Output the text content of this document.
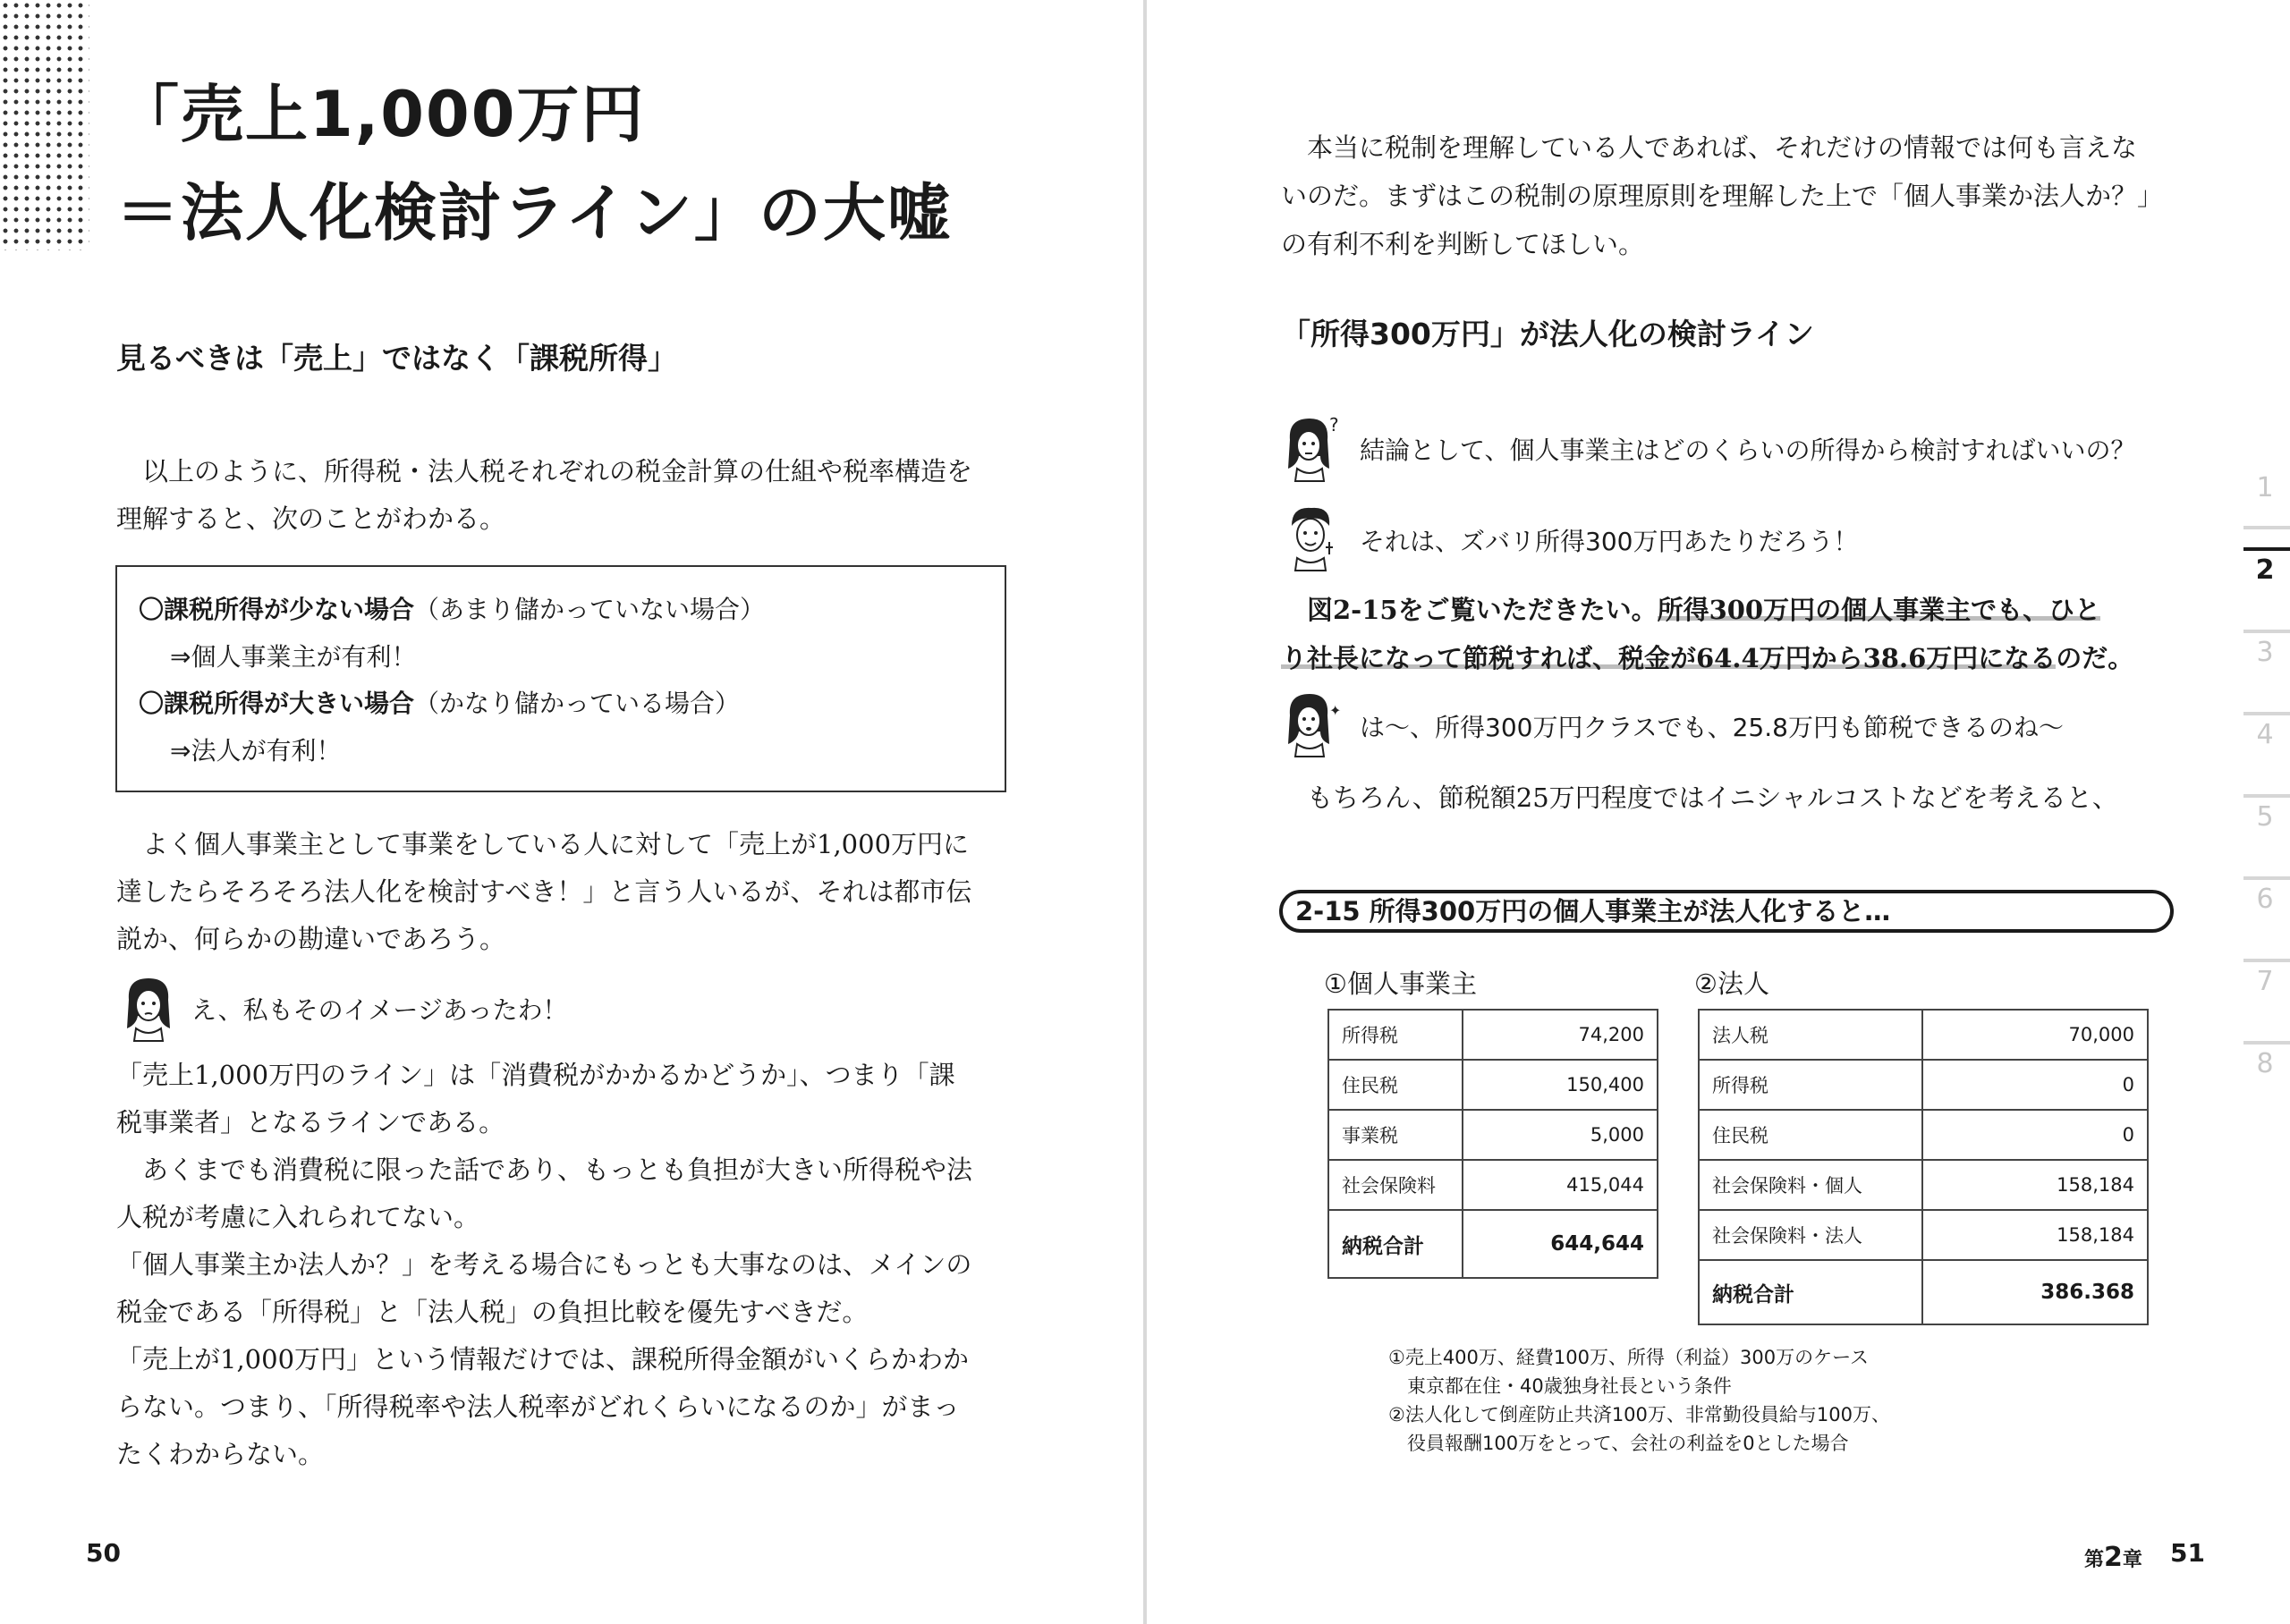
「売上1,000万円
＝法人化検討ライン」の大嘘
見るべきは「売上」ではなく「課税所得」
　以上のように、所得税・法人税それぞれの税金計算の仕組や税率構造を
理解すると、次のことがわかる。
〇課税所得が少ない場合（あまり儲かっていない場合）
⇒個人事業主が有利！
〇課税所得が大きい場合（かなり儲かっている場合）
⇒法人が有利！
　よく個人事業主として事業をしている人に対して「売上が1,000万円に
達したらそろそろ法人化を検討すべき！」と言う人いるが、それは都市伝
説か、何らかの勘違いであろう。
え、私もそのイメージあったわ！
「売上1,000万円のライン」は「消費税がかかるかどうか」、つまり「課
税事業者」となるラインである。
　あくまでも消費税に限った話であり、もっとも負担が大きい所得税や法
人税が考慮に入れられてない。
「個人事業主か法人か？」を考える場合にもっとも大事なのは、メインの
税金である「所得税」と「法人税」の負担比較を優先すべきだ。
「売上が1,000万円」という情報だけでは、課税所得金額がいくらかわか
らない。つまり、「所得税率や法人税率がどれくらいになるのか」がまっ
たくわからない。
50
　本当に税制を理解している人であれば、それだけの情報では何も言えな
いのだ。まずはこの税制の原理原則を理解した上で「個人事業か法人か？」
の有利不利を判断してほしい。
「所得300万円」が法人化の検討ライン
?
結論として、個人事業主はどのくらいの所得から検討すればいいの？
それは、ズバリ所得300万円あたりだろう！
　図2-15をご覧いただきたい。所得300万円の個人事業主でも、ひと
り社長になって節税すれば、税金が64.4万円から38.6万円になるのだ。
✦
は〜、所得300万円クラスでも、25.8万円も節税できるのね〜
　もちろん、節税額25万円程度ではイニシャルコストなどを考えると、
2-15 所得300万円の個人事業主が法人化すると…
①個人事業主
所得税	74,200
住民税	150,400
事業税	5,000
社会保険料	415,044
納税合計	644,644
②法人
法人税	70,000
所得税	0
住民税	0
社会保険料・個人	158,184
社会保険料・法人	158,184
納税合計	386.368
①売上400万、経費100万、所得（利益）300万のケース
　東京都在住・40歳独身社長という条件
②法人化して倒産防止共済100万、非常勤役員給与100万、
　役員報酬100万をとって、会社の利益を0とした場合
1
2
3
4
5
6
7
8
第2章 51
